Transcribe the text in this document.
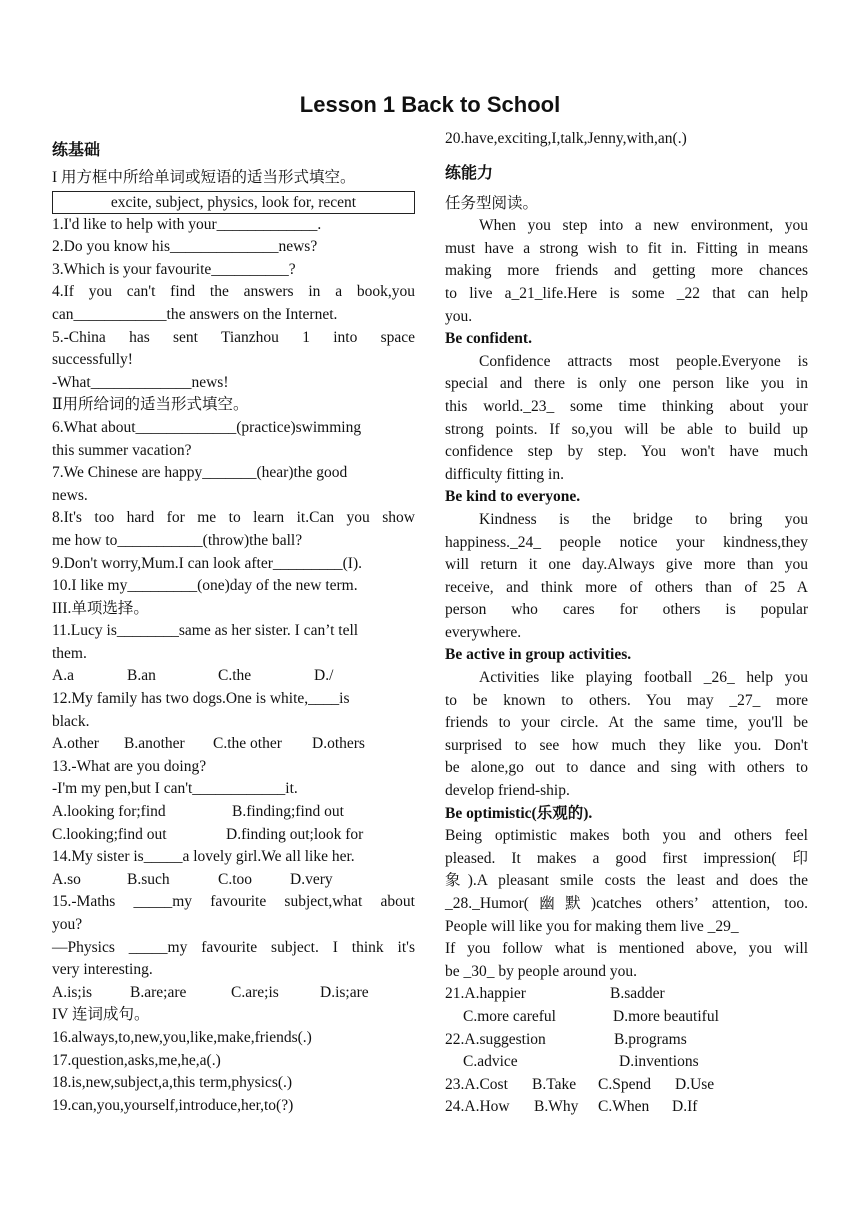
Lesson 1 Back to School
练基础
I 用方框中所给单词或短语的适当形式填空。
excite, subject, physics, look for, recent
1.I'd like to help with your_____________.
2.Do you know his______________news?
3.Which is your favourite__________?
4.If you can't find the answers in a book,you
can____________the answers on the Internet.
5.-China has sent Tianzhou 1 into space
successfully!
-What_____________news!
Ⅱ用所给词的适当形式填空。
6.What about_____________(practice)swimming
this summer vacation?
7.We Chinese are happy_______(hear)the good
news.
8.It's too hard for me to learn it.Can you show
me how to___________(throw)the ball?
9.Don't worry,Mum.I can look after_________(I).
10.I like my_________(one)day of the new term.
III.单项选择。
11.Lucy is________same as her sister. I can’t tell
them.
A.a	B.an	C.the	D./
12.My family has two dogs.One is white,____is
black.
A.other	B.another	C.the other	D.others
13.-What are you doing?
-I'm my pen,but I can't____________it.
A.looking for;find	B.finding;find out
C.looking;find out	D.finding out;look for
14.My sister is_____a lovely girl.We all like her.
A.so	B.such	C.too	D.very
15.-Maths _____my favourite subject,what about
you?
—Physics _____my favourite subject. I think it's
very interesting.
A.is;is	B.are;are	C.are;is	D.is;are
IV 连词成句。
16.always,to,new,you,like,make,friends(.)
17.question,asks,me,he,a(.)
18.is,new,subject,a,this term,physics(.)
19.can,you,yourself,introduce,her,to(?)
20.have,exciting,I,talk,Jenny,with,an(.)
练能力
任务型阅读。
When you step into a new environment, you
must have a strong wish to fit in. Fitting in means
making more friends and getting more chances
to live a_21_life.Here is some _22 that can help
you.
Be confident.
Confidence attracts most people.Everyone is
special and there is only one person like you in
this world._23_ some time thinking about your
strong points. If so,you will be able to build up
confidence step by step. You won't have much
difficulty fitting in.
Be kind to everyone.
Kindness is the bridge to bring you
happiness._24_ people notice your kindness,they
will return it one day.Always give more than you
receive, and think more of others than of 25 A
person who cares for others is popular
everywhere.
Be active in group activities.
Activities like playing football _26_ help you
to be known to others. You may _27_ more
friends to your circle. At the same time, you'll be
surprised to see how much they like you. Don't
be alone,go out to dance and sing with others to
develop friend-ship.
Be optimistic(乐观的).
Being optimistic makes both you and others feel
pleased. It makes a good first impression( 印
象).A pleasant smile costs the least and does the
_28._Humor(幽默)catches others’ attention, too.
People will like you for making them live _29_
If you follow what is mentioned above, you will
be _30_ by people around you.
21.A.happier	B.sadder
C.more careful	D.more beautiful
22.A.suggestion	B.programs
C.advice	D.inventions
23.A.Cost	B.Take	C.Spend	D.Use
24.A.How	B.Why	C.When	D.If
